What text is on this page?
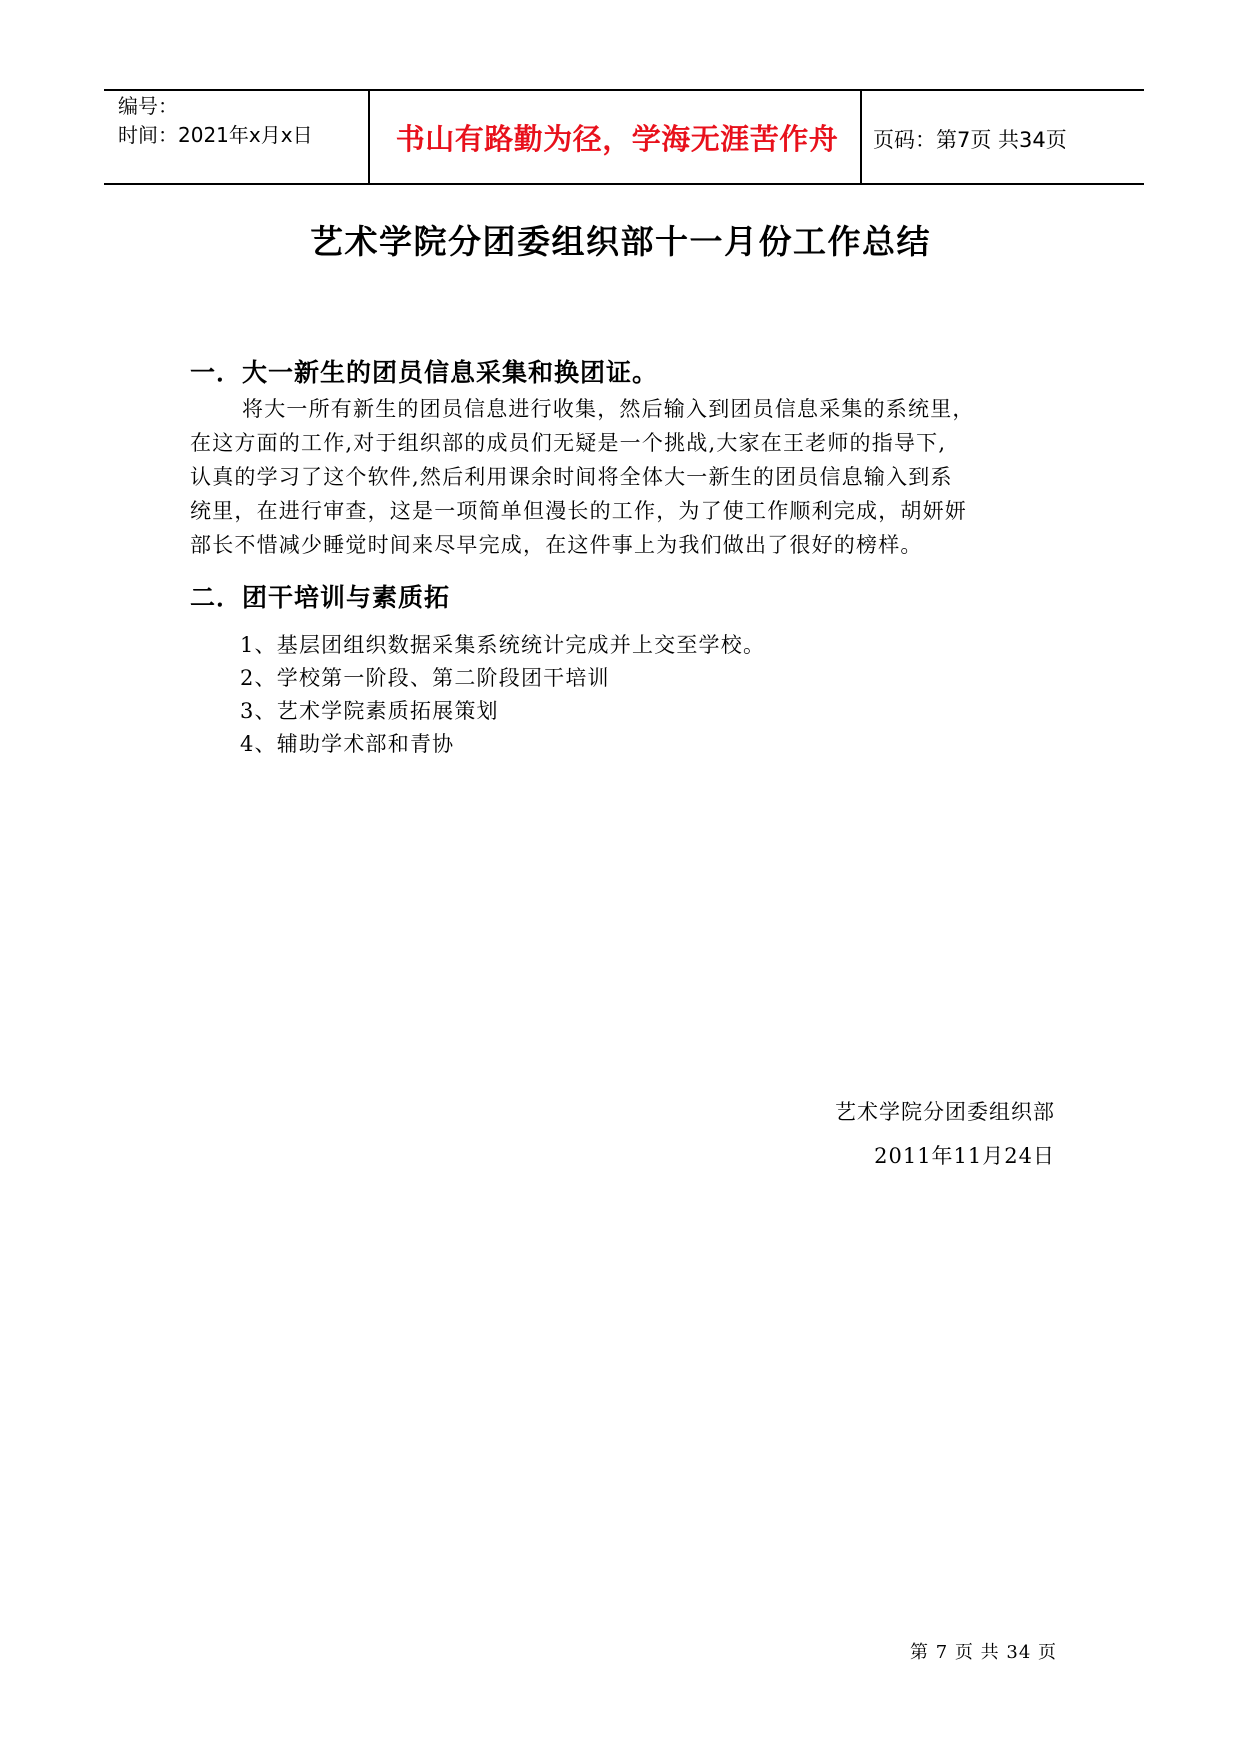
编号：
时间：2021年x月x日	书山有路勤为径，学海无涯苦作舟	页码：第7页 共34页
艺术学院分团委组织部十一月份工作总结
一．大一新生的团员信息采集和换团证。
将大一所有新生的团员信息进行收集，然后输入到团员信息采集的系统里，
在这方面的工作,对于组织部的成员们无疑是一个挑战,大家在王老师的指导下,
认真的学习了这个软件,然后利用课余时间将全体大一新生的团员信息输入到系
统里，在进行审查，这是一项简单但漫长的工作，为了使工作顺利完成，胡妍妍
部长不惜减少睡觉时间来尽早完成，在这件事上为我们做出了很好的榜样。
二．团干培训与素质拓
1、基层团组织数据采集系统统计完成并上交至学校。
2、学校第一阶段、第二阶段团干培训
3、艺术学院素质拓展策划
4、辅助学术部和青协
艺术学院分团委组织部
2011年11月24日
第 7 页 共 34 页
